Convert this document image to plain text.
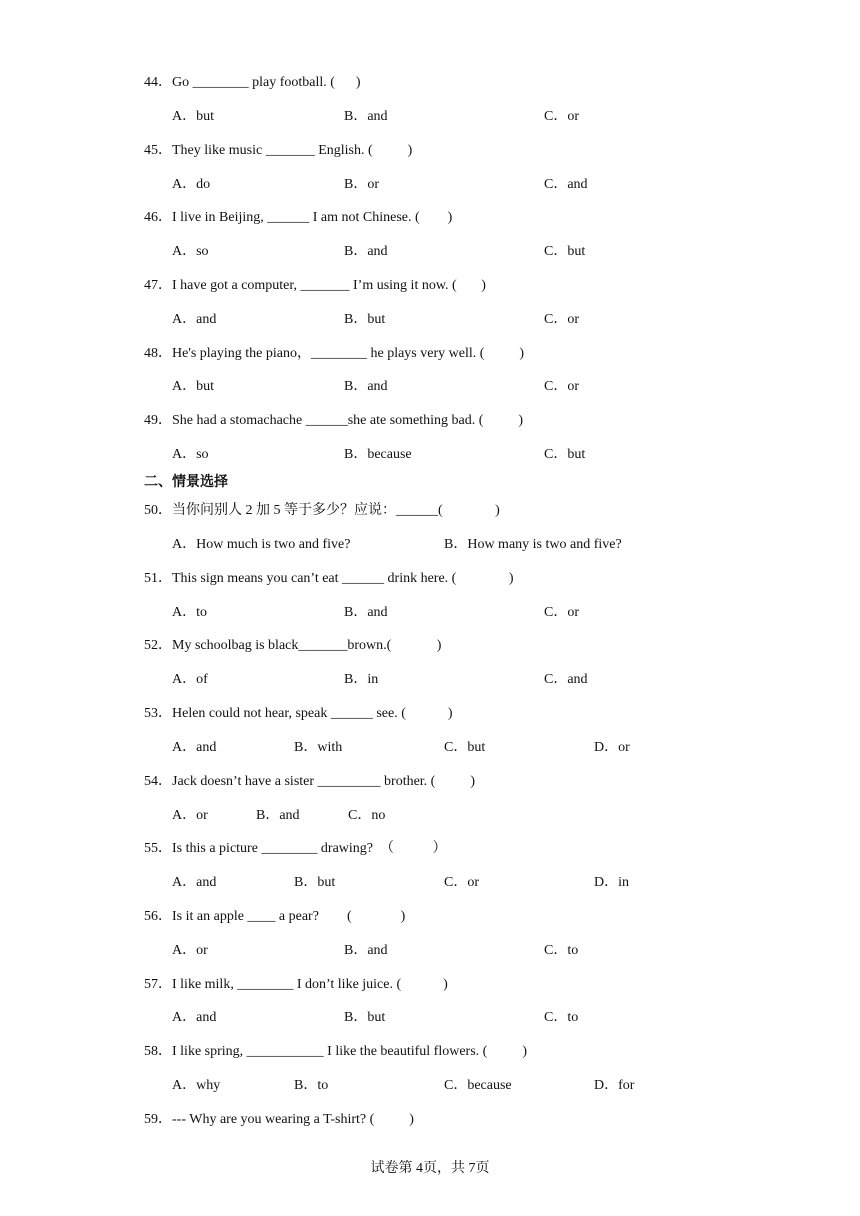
44．Go ________ play football. (      )
A．but	B．and	C．or
45．They like music _______ English. (          )
A．do	B．or	C．and
46．I live in Beijing, ______ I am not Chinese. (        )
A．so	B．and	C．but
47．I have got a computer, _______ I’m using it now. (       )
A．and	B．but	C．or
48．He's playing the piano，________ he plays very well. (          )
A．but	B．and	C．or
49．She had a stomachache ______she ate something bad. (          )
A．so	B．because	C．but
二、情景选择
50．当你问别人 2 加 5 等于多少？应说：______(               )
A．How much is two and five?	B．How many is two and five?
51．This sign means you can’t eat ______ drink here. (               )
A．to	B．and	C．or
52．My schoolbag is black_______brown.(             )
A．of	B．in	C．and
53．Helen could not hear, speak ______ see. (            )
A．and	B．with	C．but	D．or
54．Jack doesn’t have a sister _________ brother. (          )
A．or	B．and	C．no
55．Is this a picture ________ drawing?  （           ）
A．and	B．but	C．or	D．in
56．Is it an apple ____ a pear?        (              )
A．or	B．and	C．to
57．I like milk, ________ I don’t like juice. (            )
A．and	B．but	C．to
58．I like spring, ___________ I like the beautiful flowers. (          )
A．why	B．to	C．because	D．for
59．--- Why are you wearing a T-shirt? (          )
试卷第 4页，共 7页
